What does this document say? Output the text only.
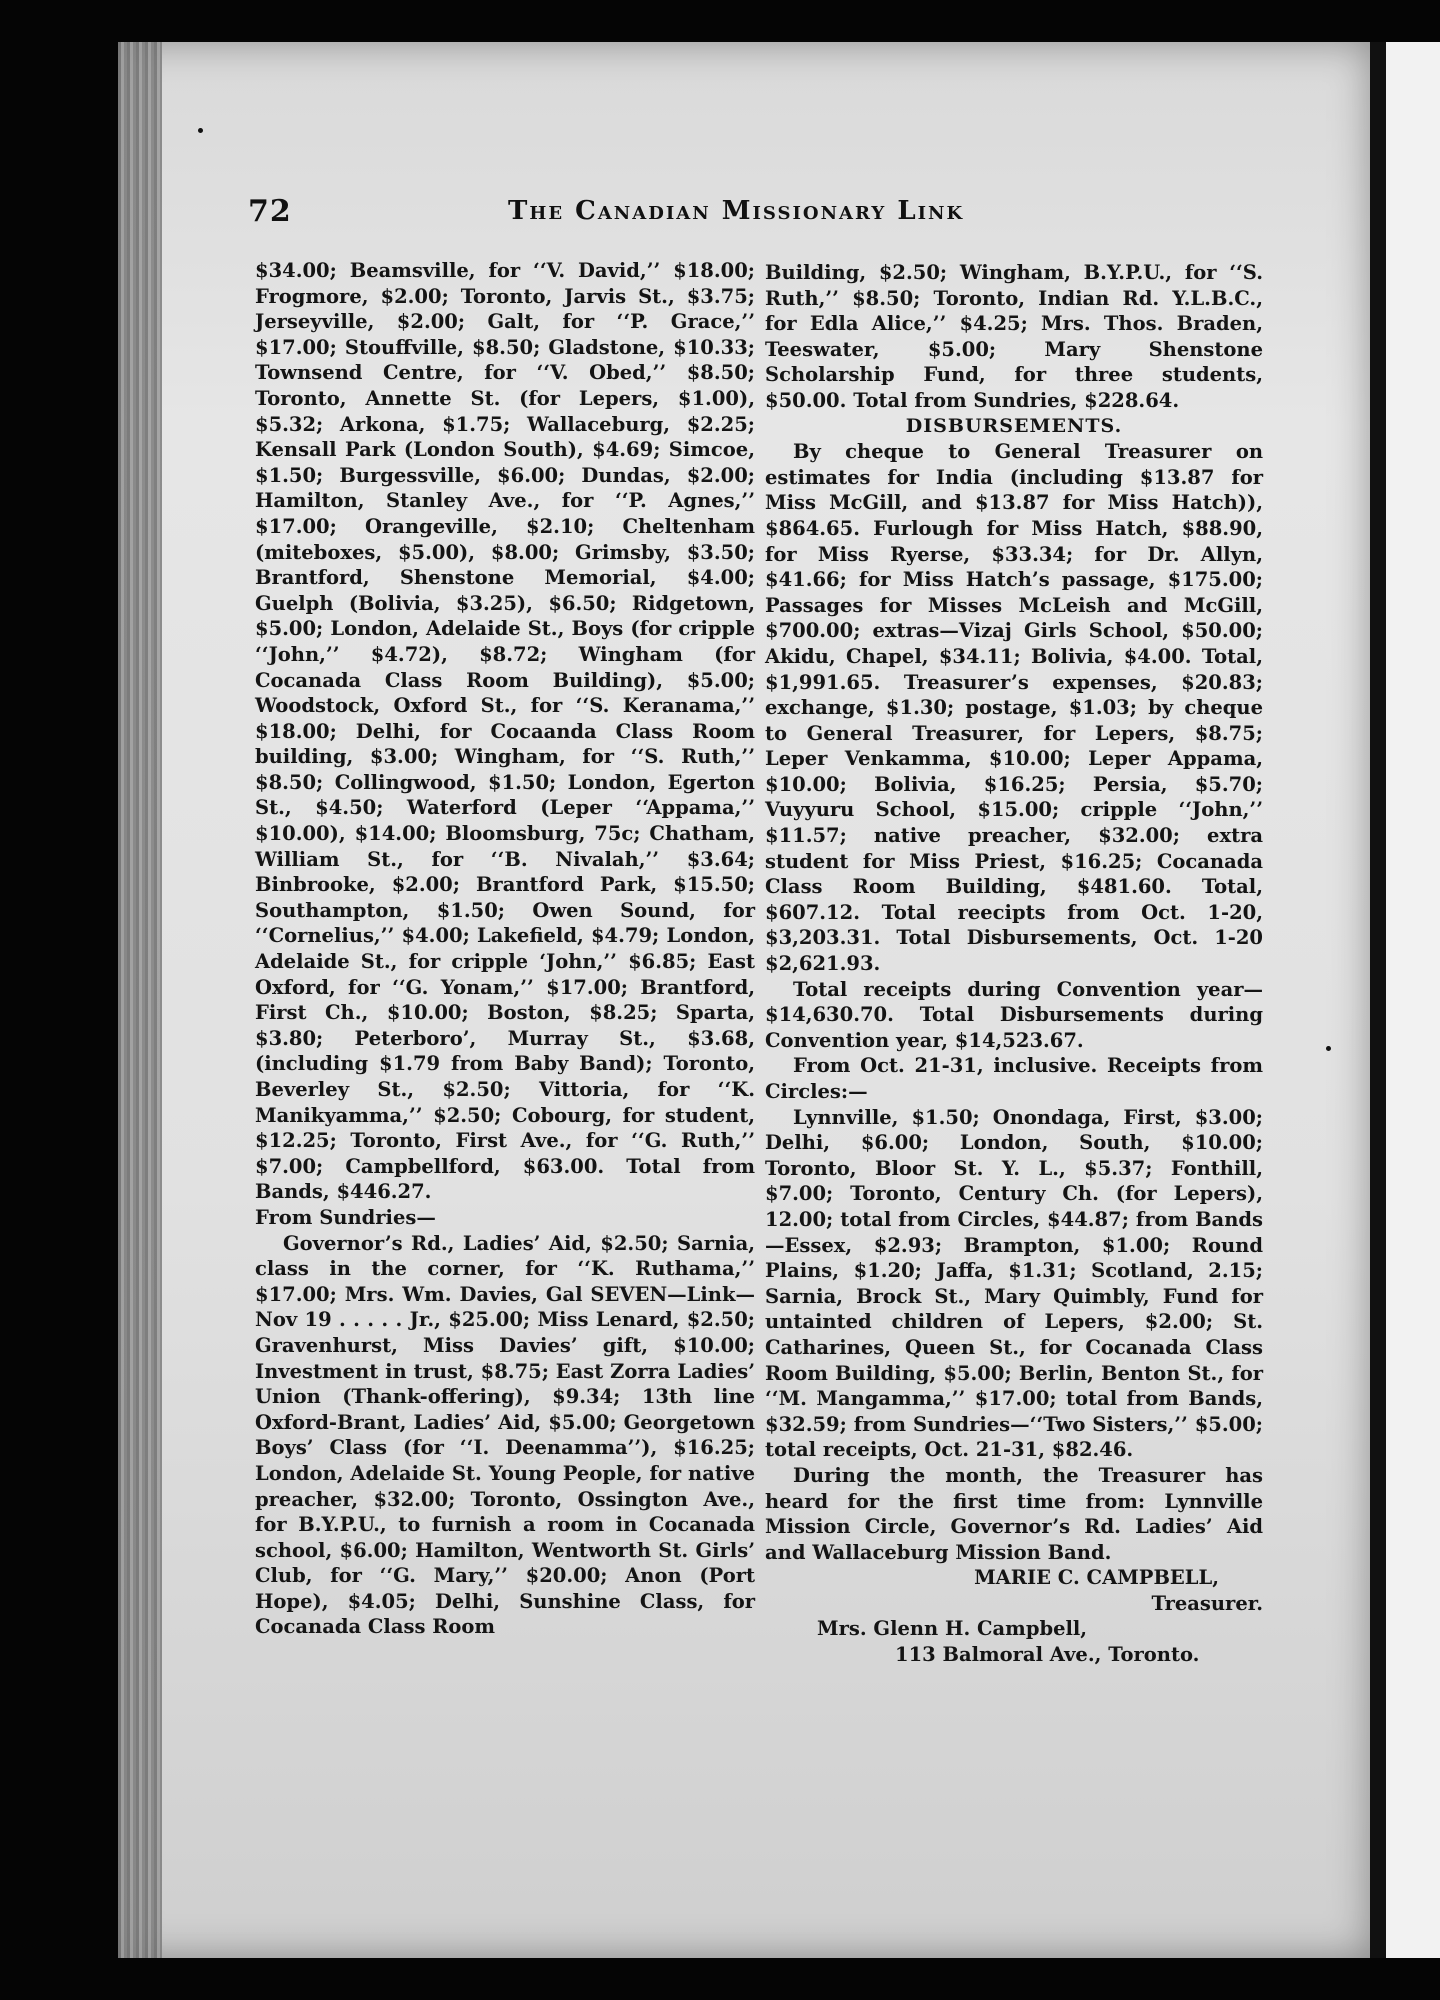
72	The Canadian Missionary Link

$34.00; Beamsville, for ‘‘V. David,’’ $18.00; Frogmore, $2.00; Toronto, Jarvis St., $3.75; Jerseyville, $2.00; Galt, for ‘‘P. Grace,’’ $17.00; Stouffville, $8.50; Gladstone, $10.33; Townsend Centre, for ‘‘V. Obed,’’ $8.50; Toronto, Annette St. (for Lepers, $1.00), $5.32; Arkona, $1.75; Wallaceburg, $2.25; Kensall Park (London South), $4.69; Simcoe, $1.50; Burgessville, $6.00; Dundas, $2.00; Hamilton, Stanley Ave., for ‘‘P. Agnes,’’ $17.00; Orangeville, $2.10; Cheltenham (miteboxes, $5.00), $8.00; Grimsby, $3.50; Brantford, Shenstone Memorial, $4.00; Guelph (Bolivia, $3.25), $6.50; Ridgetown, $5.00; London, Adelaide St., Boys (for cripple ‘‘John,’’ $4.72), $8.72; Wingham (for Cocanada Class Room Building), $5.00; Woodstock, Oxford St., for ‘‘S. Keranama,’’ $18.00; Delhi, for Cocaanda Class Room building, $3.00; Wingham, for ‘‘S. Ruth,’’ $8.50; Collingwood, $1.50; London, Egerton St., $4.50; Waterford (Leper ‘‘Appama,’’ $10.00), $14.00; Bloomsburg, 75c; Chatham, William St., for ‘‘B. Nivalah,’’ $3.64; Binbrooke, $2.00; Brantford Park, $15.50; Southampton, $1.50; Owen Sound, for ‘‘Cornelius,’’ $4.00; Lakefield, $4.79; London, Adelaide St., for cripple ‘John,’’ $6.85; East Oxford, for ‘‘G. Yonam,’’ $17.00; Brantford, First Ch., $10.00; Boston, $8.25; Sparta, $3.80; Peterboro’, Murray St., $3.68, (including $1.79 from Baby Band); Toronto, Beverley St., $2.50; Vittoria, for ‘‘K. Manikyamma,’’ $2.50; Cobourg, for student, $12.25; Toronto, First Ave., for ‘‘G. Ruth,’’ $7.00; Campbellford, $63.00. Total from Bands, $446.27.

From Sundries—

Governor’s Rd., Ladies’ Aid, $2.50; Sarnia, class in the corner, for ‘‘K. Ruthama,’’ $17.00; Mrs. Wm. Davies, Gal SEVEN—Link—Nov 19 . . . . . Jr., $25.00; Miss Lenard, $2.50; Gravenhurst, Miss Davies’ gift, $10.00; Investment in trust, $8.75; East Zorra Ladies’ Union (Thank-offering), $9.34; 13th line Oxford-Brant, Ladies’ Aid, $5.00; Georgetown Boys’ Class (for ‘‘I. Deenamma’’), $16.25; London, Adelaide St. Young People, for native preacher, $32.00; Toronto, Ossington Ave., for B.Y.P.U., to furnish a room in Cocanada school, $6.00; Hamilton, Wentworth St. Girls’ Club, for ‘‘G. Mary,’’ $20.00; Anon (Port Hope), $4.05; Delhi, Sunshine Class, for Cocanada Class Room

Building, $2.50; Wingham, B.Y.P.U., for ‘‘S. Ruth,’’ $8.50; Toronto, Indian Rd. Y.L.B.C., for Edla Alice,’’ $4.25; Mrs. Thos. Braden, Teeswater, $5.00; Mary Shenstone Scholarship Fund, for three students, $50.00. Total from Sundries, $228.64.

DISBURSEMENTS.

By cheque to General Treasurer on estimates for India (including $13.87 for Miss McGill, and $13.87 for Miss Hatch)), $864.65. Furlough for Miss Hatch, $88.90, for Miss Ryerse, $33.34; for Dr. Allyn, $41.66; for Miss Hatch’s passage, $175.00; Passages for Misses McLeish and McGill, $700.00; extras—Vizaj Girls School, $50.00; Akidu, Chapel, $34.11; Bolivia, $4.00. Total, $1,991.65. Treasurer’s expenses, $20.83; exchange, $1.30; postage, $1.03; by cheque to General Treasurer, for Lepers, $8.75; Leper Venkamma, $10.00; Leper Appama, $10.00; Bolivia, $16.25; Persia, $5.70; Vuyyuru School, $15.00; cripple ‘‘John,’’ $11.57; native preacher, $32.00; extra student for Miss Priest, $16.25; Cocanada Class Room Building, $481.60. Total, $607.12. Total reecipts from Oct. 1-20, $3,203.31. Total Disbursements, Oct. 1-20 $2,621.93.

Total receipts during Convention year—$14,630.70. Total Disbursements during Convention year, $14,523.67.

From Oct. 21-31, inclusive. Receipts from Circles:—

Lynnville, $1.50; Onondaga, First, $3.00; Delhi, $6.00; London, South, $10.00; Toronto, Bloor St. Y. L., $5.37; Fonthill, $7.00; Toronto, Century Ch. (for Lepers), 12.00; total from Circles, $44.87; from Bands—Essex, $2.93; Brampton, $1.00; Round Plains, $1.20; Jaffa, $1.31; Scotland, 2.15; Sarnia, Brock St., Mary Quimbly, Fund for untainted children of Lepers, $2.00; St. Catharines, Queen St., for Cocanada Class Room Building, $5.00; Berlin, Benton St., for ‘‘M. Mangamma,’’ $17.00; total from Bands, $32.59; from Sundries—‘‘Two Sisters,’’ $5.00; total receipts, Oct. 21-31, $82.46.

During the month, the Treasurer has heard for the first time from: Lynnville Mission Circle, Governor’s Rd. Ladies’ Aid and Wallaceburg Mission Band.

MARIE C. CAMPBELL,

Treasurer.

Mrs. Glenn H. Campbell,

113 Balmoral Ave., Toronto.
